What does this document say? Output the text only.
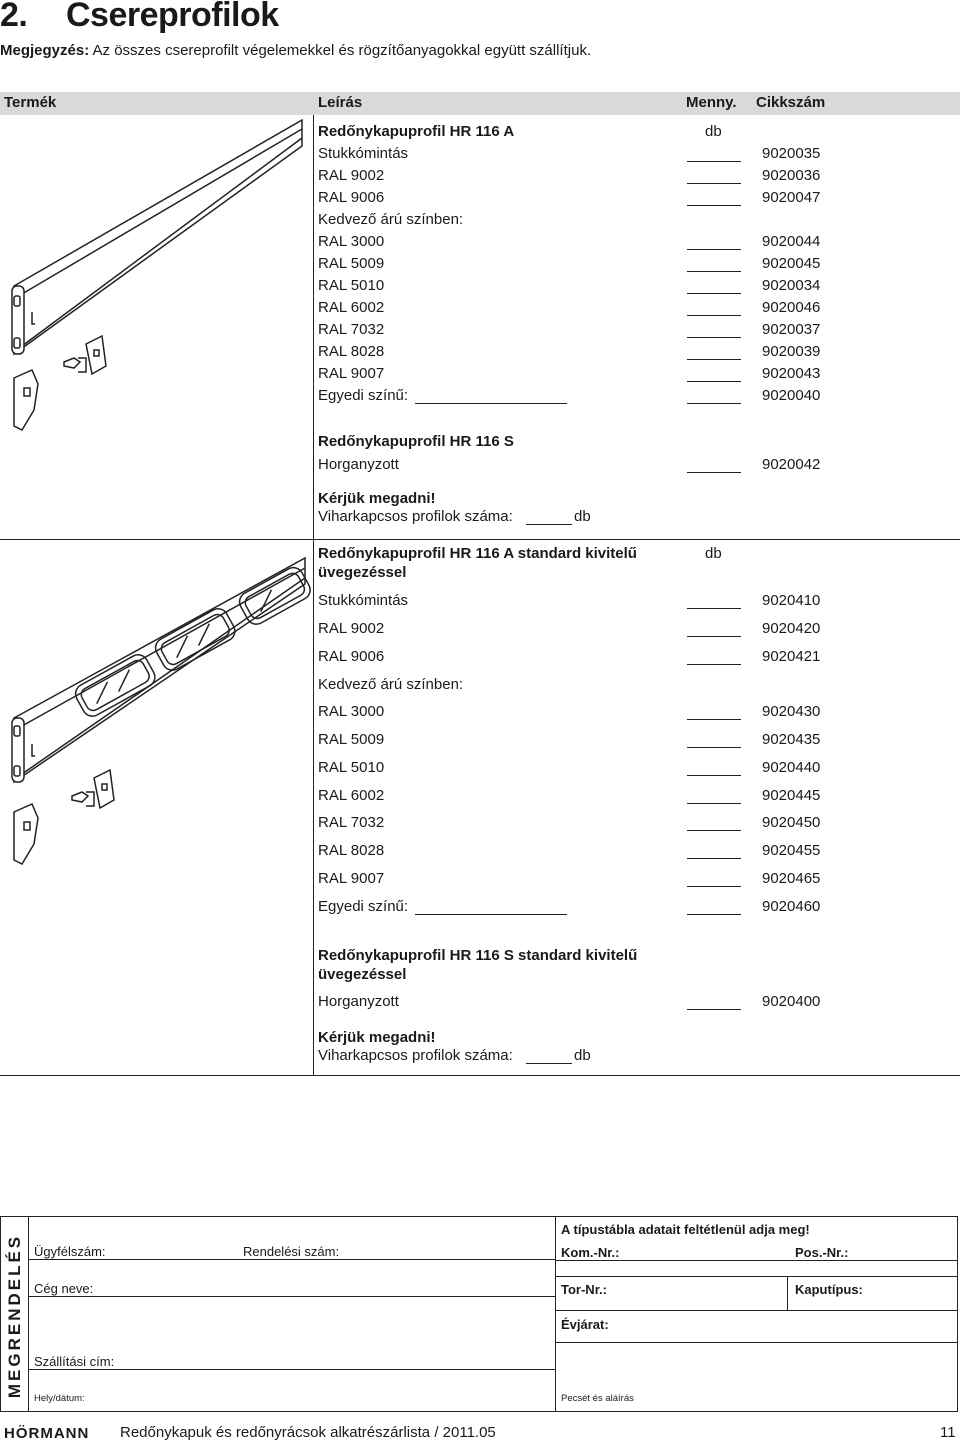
2. Csereprofilok
Megjegyzés: Az összes csereprofilt végelemekkel és rögzítőanyagokkal együtt szállítjuk.
Termék	Leírás	Menny. Cikkszám
Redőnykapuprofil HR 116 A	db
Stukkómintás	9020035
RAL 9002	9020036
RAL 9006	9020047
Kedvező árú színben:
RAL 3000	9020044
RAL 5009	9020045
RAL 5010	9020034
RAL 6002	9020046
RAL 7032	9020037
RAL 8028	9020039
RAL 9007	9020043
Egyedi színű:	9020040
Redőnykapuprofil HR 116 S
Horganyzott	9020042
Kérjük megadni!
Viharkapcsos profilok száma:	db
Redőnykapuprofil HR 116 A standard kivitelű
üvegezéssel
db
Stukkómintás	9020410
RAL 9002	9020420
RAL 9006	9020421
Kedvező árú színben:
RAL 3000	9020430
RAL 5009	9020435
RAL 5010	9020440
RAL 6002	9020445
RAL 7032	9020450
RAL 8028	9020455
RAL 9007	9020465
Egyedi színű:	9020460
Redőnykapuprofil HR 116 S standard kivitelű
üvegezéssel
Horganyzott	9020400
Kérjük megadni!
Viharkapcsos profilok száma:	db
MEGRENDELÉS Ügyfélszám:	Rendelési szám:
Cég neve:
Szállítási cím:
Hely/dátum:
A típustábla adatait feltétlenül adja meg!
Kom.-Nr.:	Pos.-Nr.:
Tor-Nr.:	Kaputípus:
Évjárat:
Pecsét és aláírás
HÖRMANN Redőnykapuk és redőnyrácsok alkatrészárlista / 2011.05	11
